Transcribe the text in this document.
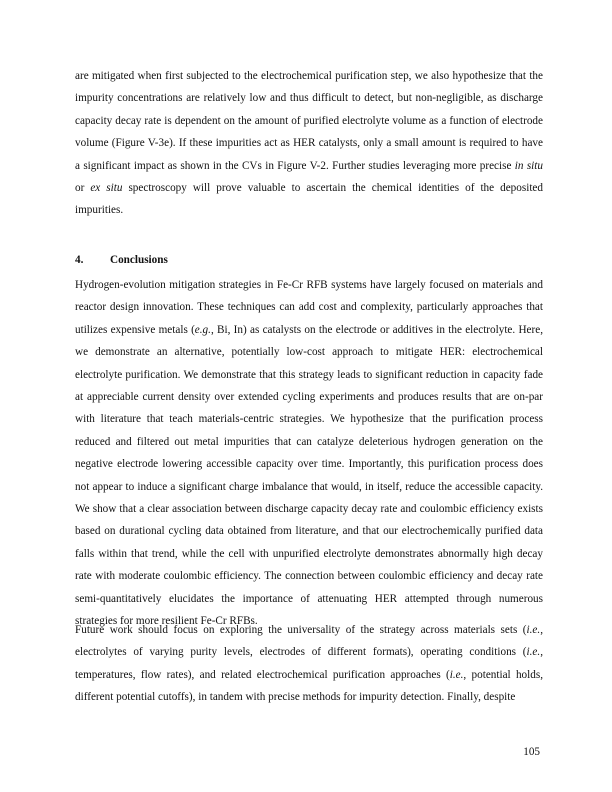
are mitigated when first subjected to the electrochemical purification step, we also hypothesize that the impurity concentrations are relatively low and thus difficult to detect, but non-negligible, as discharge capacity decay rate is dependent on the amount of purified electrolyte volume as a function of electrode volume (Figure V-3e). If these impurities act as HER catalysts, only a small amount is required to have a significant impact as shown in the CVs in Figure V-2. Further studies leveraging more precise in situ or ex situ spectroscopy will prove valuable to ascertain the chemical identities of the deposited impurities.

4. Conclusions

Hydrogen-evolution mitigation strategies in Fe-Cr RFB systems have largely focused on materials and reactor design innovation. These techniques can add cost and complexity, particularly approaches that utilizes expensive metals (e.g., Bi, In) as catalysts on the electrode or additives in the electrolyte. Here, we demonstrate an alternative, potentially low-cost approach to mitigate HER: electrochemical electrolyte purification. We demonstrate that this strategy leads to significant reduction in capacity fade at appreciable current density over extended cycling experiments and produces results that are on-par with literature that teach materials-centric strategies. We hypothesize that the purification process reduced and filtered out metal impurities that can catalyze deleterious hydrogen generation on the negative electrode lowering accessible capacity over time. Importantly, this purification process does not appear to induce a significant charge imbalance that would, in itself, reduce the accessible capacity. We show that a clear association between discharge capacity decay rate and coulombic efficiency exists based on durational cycling data obtained from literature, and that our electrochemically purified data falls within that trend, while the cell with unpurified electrolyte demonstrates abnormally high decay rate with moderate coulombic efficiency. The connection between coulombic efficiency and decay rate semi-quantitatively elucidates the importance of attenuating HER attempted through numerous strategies for more resilient Fe-Cr RFBs.

Future work should focus on exploring the universality of the strategy across materials sets (i.e., electrolytes of varying purity levels, electrodes of different formats), operating conditions (i.e., temperatures, flow rates), and related electrochemical purification approaches (i.e., potential holds, different potential cutoffs), in tandem with precise methods for impurity detection. Finally, despite

105
